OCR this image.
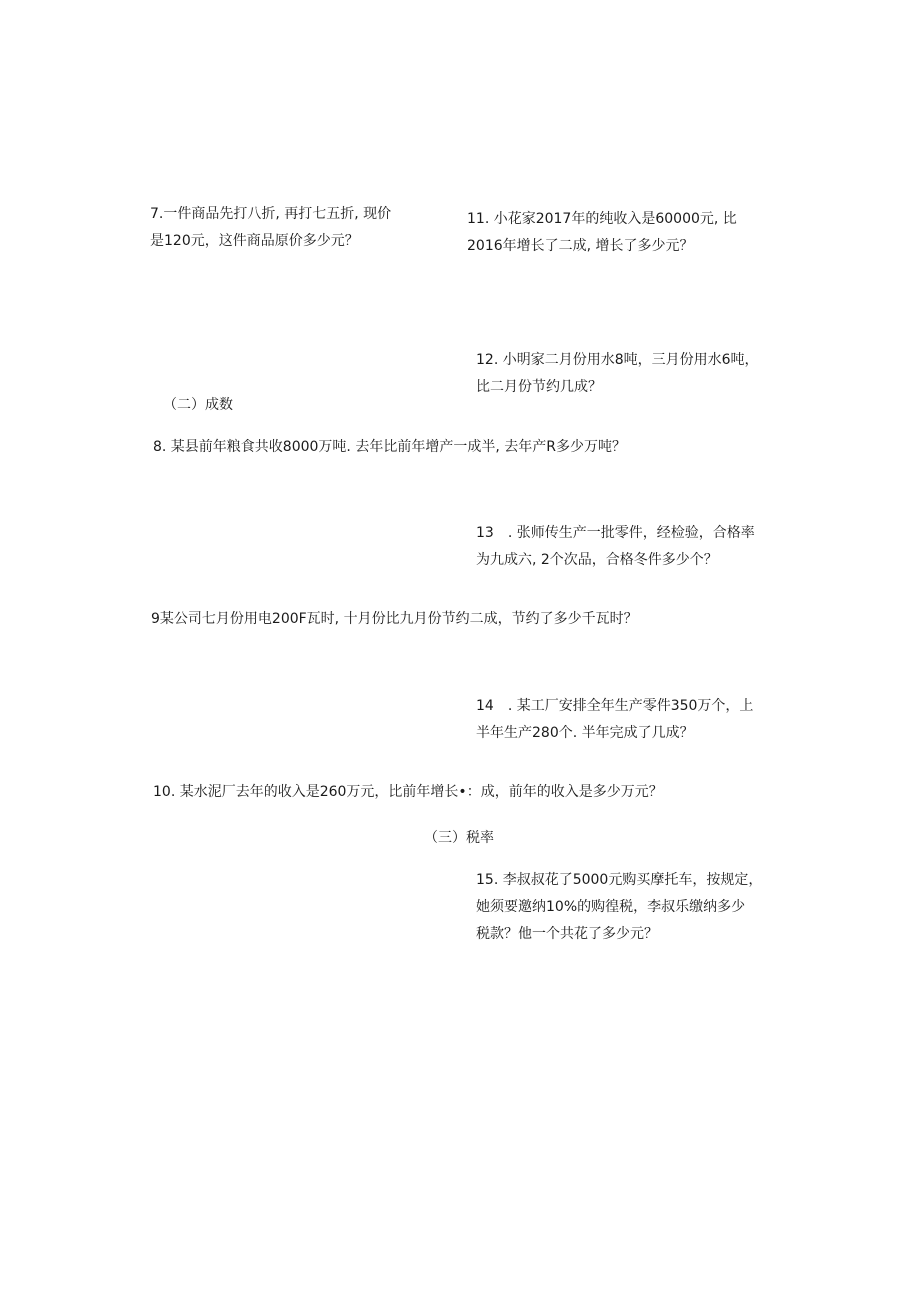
7.一件商品先打八折, 再打七五折, 现价
是120元，这件商品原价多少元？
11. 小花家2017年的纯收入是60000元, 比
2016年增长了二成, 增长了多少元？
12. 小明家二月份用水8吨，三月份用水6吨，
比二月份节约几成？
（二）成数
8. 某县前年粮食共收8000万吨. 去年比前年增产一成半, 去年产R多少万吨？
13　. 张师传生产一批零件，经检验，合格率
为九成六, 2个次品，合格冬件多少个？
9某公司七月份用电200F瓦时, 十月份比九月份节约二成，节约了多少千瓦时？
14　. 某工厂安排全年生产零件350万个，上
半年生产280个. 半年完成了几成？
10. 某水泥厂去年的收入是260万元，比前年增长•：成，前年的收入是多少万元？
（三）税率
15. 李叔叔花了5000元购买摩托车，按规定，
她须要邀纳10%的购徨税，李叔乐缴纳多少
税款？他一个共花了多少元？
